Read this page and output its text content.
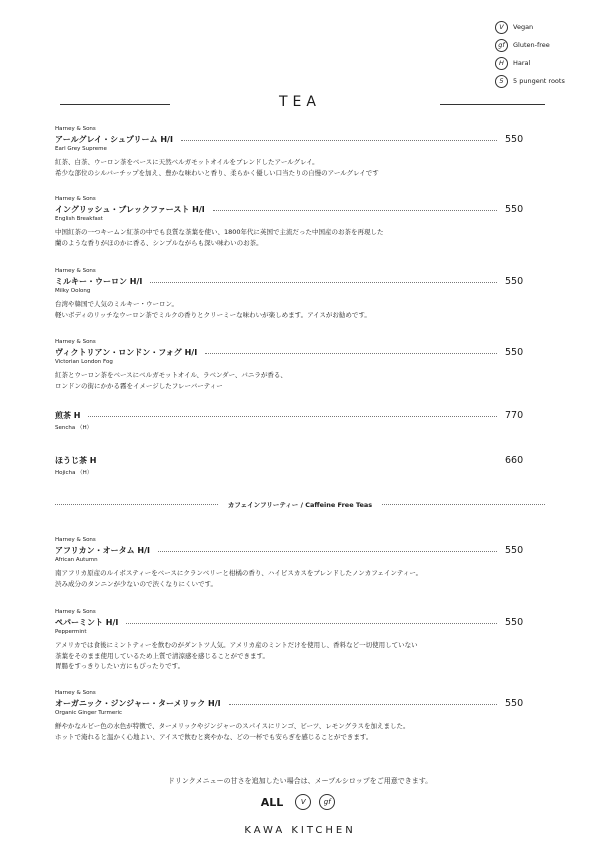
V	Vegan
gf	Gluten-free
H	Haral
5	5 pungent roots
TEA
Harney & Sons
アールグレイ・シュプリーム H/I	550
Earl Grey Supreme
紅茶、白茶、ウーロン茶をベースに天然ベルガモットオイルをブレンドしたアールグレイ。
希少な部位のシルバーチップを加え、豊かな味わいと香り、柔らかく優しい口当たりの自慢のアールグレイです
Harney & Sons
イングリッシュ・ブレックファースト H/I	550
English Breakfast
中国紅茶の一つキームン紅茶の中でも良質な茶葉を使い、1800年代に英国で主流だった中国産のお茶を再現した
蘭のような香りがほのかに香る、シンプルながらも深い味わいのお茶。
Harney & Sons
ミルキー・ウーロン H/I	550
Milky Oolong
台湾や韓国で人気のミルキー・ウーロン。
軽いボディのリッチなウーロン茶でミルクの香りとクリーミーな味わいが楽しめます。アイスがお勧めです。
Harney & Sons
ヴィクトリアン・ロンドン・フォグ H/I	550
Victorian London Fog
紅茶とウーロン茶をベースにベルガモットオイル、ラベンダー、バニラが香る、
ロンドンの街にかかる霧をイメージしたフレーバーティー
煎茶 H	770
Sencha （H）
ほうじ茶 H	660
Hojicha （H）
カフェインフリーティー / Caffeine Free Teas
Harney & Sons
アフリカン・オータム H/I	550
African Autumn
南アフリカ原産のルイボスティーをベースにクランベリーと柑橘の香り、ハイビスカスをブレンドしたノンカフェインティー。
渋み成分のタンニンが少ないので渋くなりにくいです。
Harney & Sons
ペパーミント H/I	550
Peppermint
アメリカでは食後にミントティーを飲むのがダントツ人気。アメリカ産のミントだけを使用し、香料など一切使用していない
茶葉をそのまま使用しているため上質で清涼感を感じることができます。
胃腸をすっきりしたい方にもぴったりです。
Harney & Sons
オーガニック・ジンジャー・ターメリック H/I	550
Organic Ginger Turmeric
鮮やかなルビー色の水色が特徴で、ターメリックやジンジャーのスパイスにリンゴ、ビーツ、レモングラスを加えました。
ホットで淹れると温かく心地よい、アイスで飲むと爽やかな、どの一杯でも安らぎを感じることができます。
ドリンクメニューの甘さを追加したい場合は、メープルシロップをご用意できます。
ALL	V	gf
KAWA KITCHEN
